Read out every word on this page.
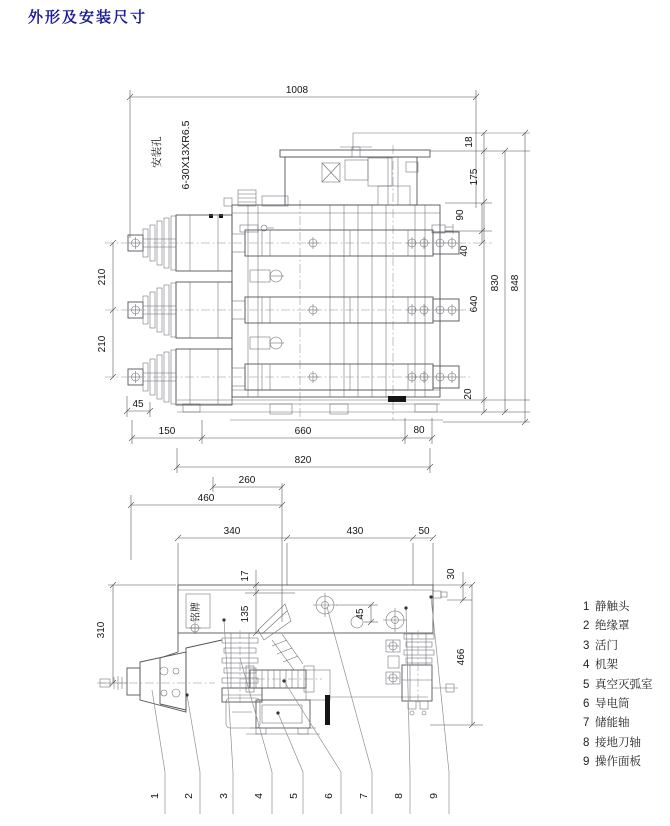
外形及安装尺寸
1008
安装孔 6-30X13XR6.5	18
175
90
40
640
20
830 848
210
210
45
150	660	80
820
260
460
铭牌
340	430	50
17
135
30
466
310
45
1 2 3 4 5 6 7 8 9
1 静触头
2 绝缘罩
3 活门
4 机架
5 真空灭弧室
6 导电筒
7 储能轴
8 接地刀轴
9 操作面板
